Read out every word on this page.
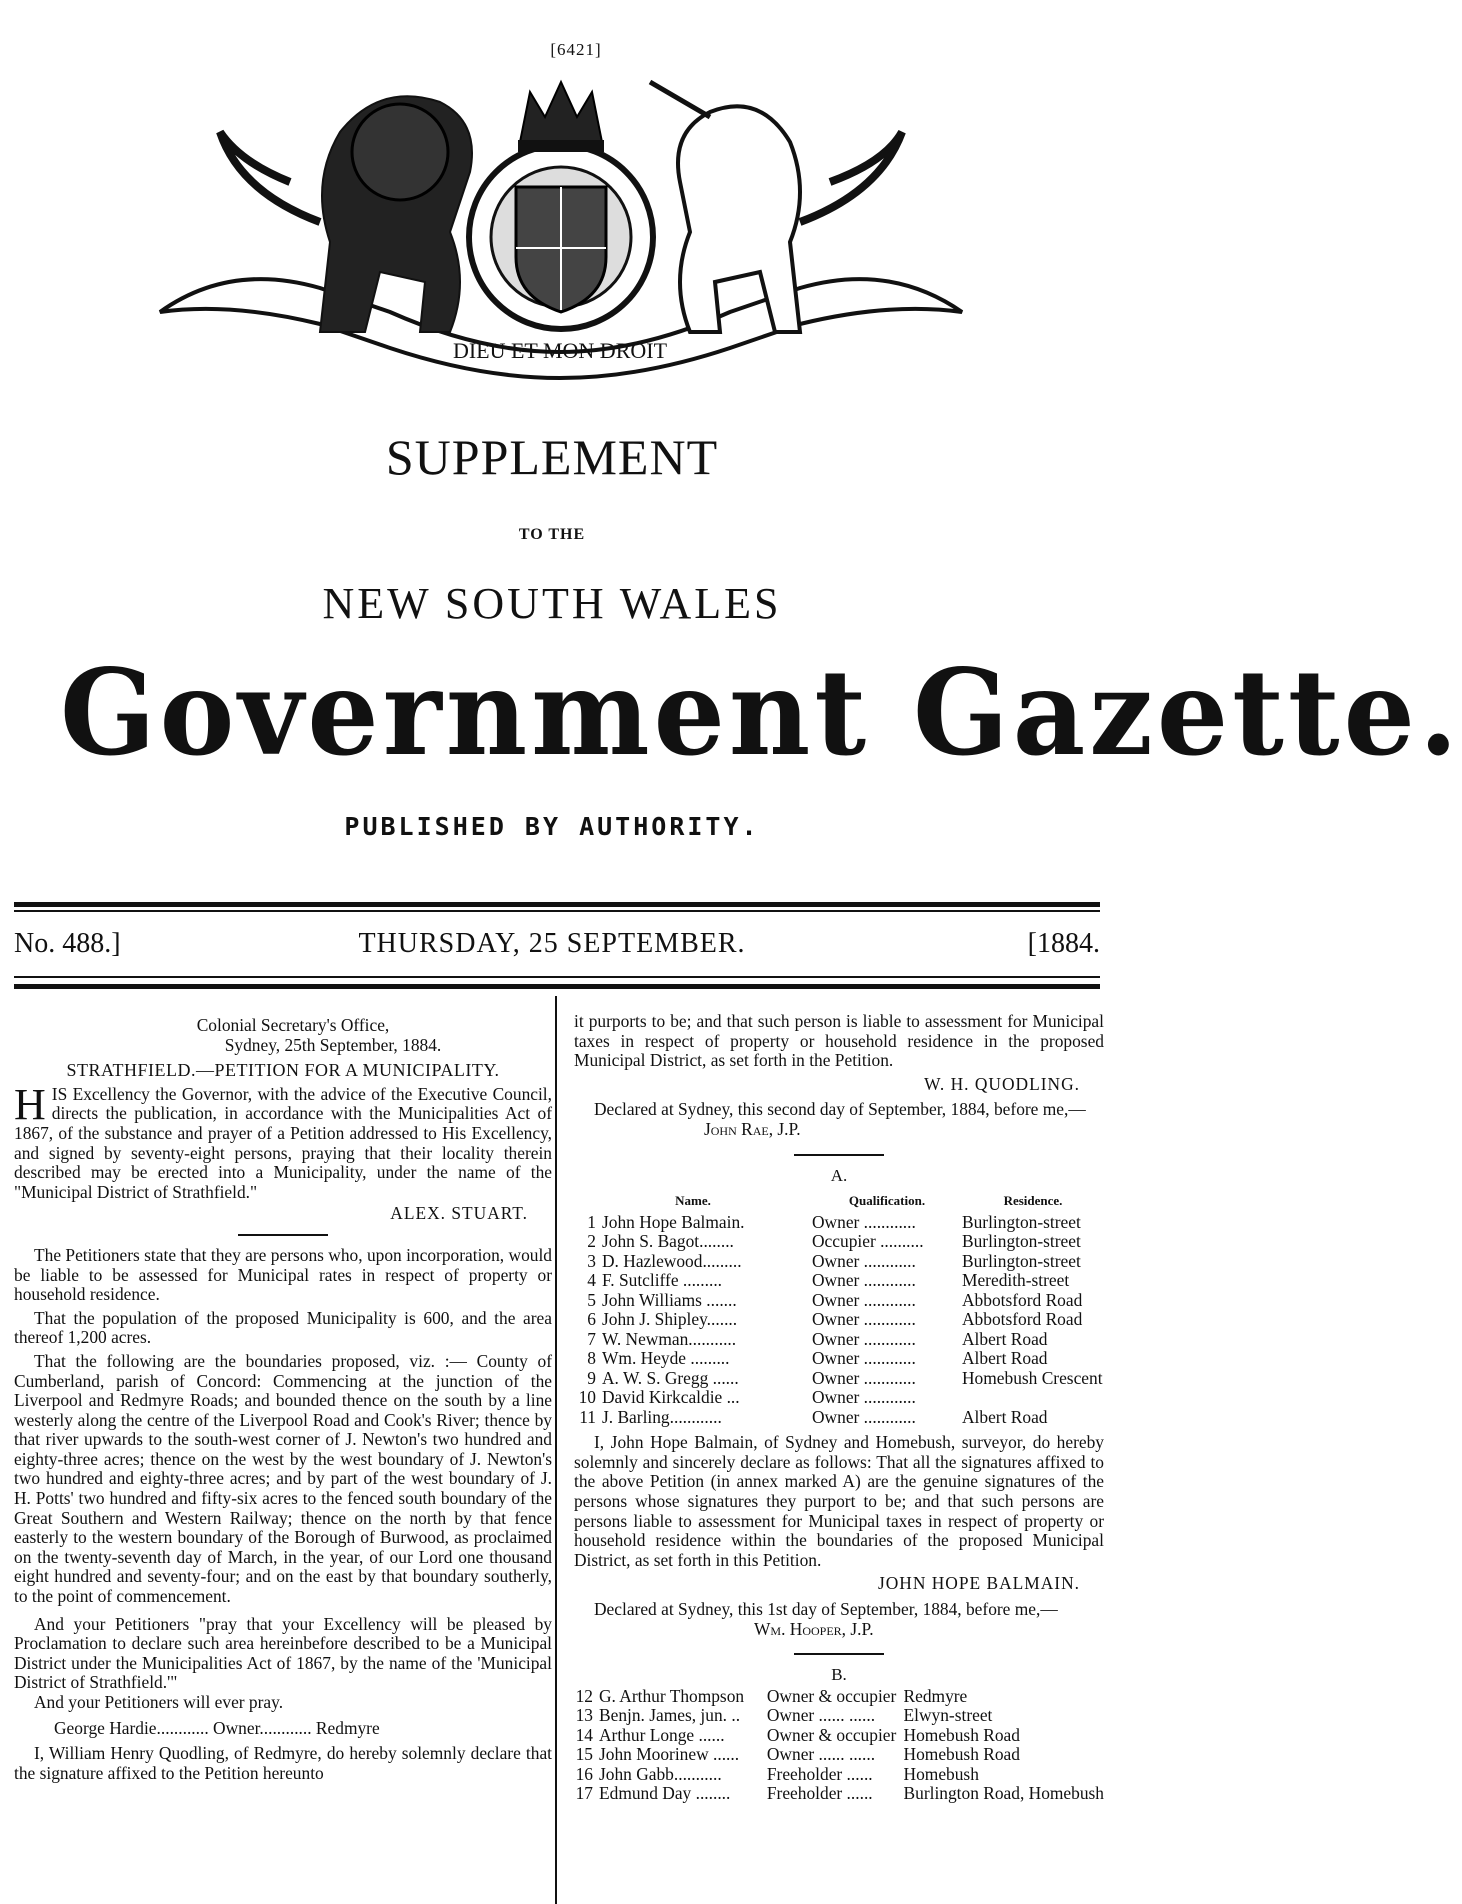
[6421]
DIEU ET MON DROIT
SUPPLEMENT
TO THE
NEW SOUTH WALES
Government Gazette.
PUBLISHED BY AUTHORITY.
No. 488.]	THURSDAY, 25 SEPTEMBER.	[1884.
Colonial Secretary's Office,
Sydney, 25th September, 1884.
STRATHFIELD.—PETITION FOR A MUNICIPALITY.

HIS Excellency the Governor, with the advice of the Executive Council, directs the publication, in accordance with the Municipalities Act of 1867, of the substance and prayer of a Petition addressed to His Excellency, and signed by seventy-eight persons, praying that their locality therein described may be erected into a Municipality, under the name of the "Municipal District of Strathfield."

ALEX. STUART.

The Petitioners state that they are persons who, upon incorporation, would be liable to be assessed for Municipal rates in respect of property or household residence.

That the population of the proposed Municipality is 600, and the area thereof 1,200 acres.

That the following are the boundaries proposed, viz. :— County of Cumberland, parish of Concord: Commencing at the junction of the Liverpool and Redmyre Roads; and bounded thence on the south by a line westerly along the centre of the Liverpool Road and Cook's River; thence by that river upwards to the south-west corner of J. Newton's two hundred and eighty-three acres; thence on the west by the west boundary of J. Newton's two hundred and eighty-three acres; and by part of the west boundary of J. H. Potts' two hundred and fifty-six acres to the fenced south boundary of the Great Southern and Western Railway; thence on the north by that fence easterly to the western boundary of the Borough of Burwood, as proclaimed on the twenty-seventh day of March, in the year, of our Lord one thousand eight hundred and seventy-four; and on the east by that boundary southerly, to the point of commencement.

And your Petitioners "pray that your Excellency will be pleased by Proclamation to declare such area hereinbefore described to be a Municipal District under the Municipalities Act of 1867, by the name of the 'Municipal District of Strathfield.'"

And your Petitioners will ever pray.

George Hardie............ Owner............ Redmyre

I, William Henry Quodling, of Redmyre, do hereby solemnly declare that the signature affixed to the Petition hereunto

it purports to be; and that such person is liable to assessment for Municipal taxes in respect of property or household residence in the proposed Municipal District, as set forth in the Petition.

W. H. QUODLING.

Declared at Sydney, this second day of September, 1884, before me,—

John Rae, J.P.
A.
Name.		Qualification.	Residence.
1	John Hope Balmain.	Owner ............	Burlington-street
2	John S. Bagot........	Occupier ..........	Burlington-street
3	D. Hazlewood.........	Owner ............	Burlington-street
4	F. Sutcliffe .........	Owner ............	Meredith-street
5	John Williams .......	Owner ............	Abbotsford Road
6	John J. Shipley.......	Owner ............	Abbotsford Road
7	W. Newman...........	Owner ............	Albert Road
8	Wm. Heyde .........	Owner ............	Albert Road
9	A. W. S. Gregg ......	Owner ............	Homebush Crescent
10	David Kirkcaldie ...	Owner ............	
11	J. Barling............	Owner ............	Albert Road

I, John Hope Balmain, of Sydney and Homebush, surveyor, do hereby solemnly and sincerely declare as follows: That all the signatures affixed to the above Petition (in annex marked A) are the genuine signatures of the persons whose signatures they purport to be; and that such persons are persons liable to assessment for Municipal taxes in respect of property or household residence within the boundaries of the proposed Municipal District, as set forth in this Petition.

JOHN HOPE BALMAIN.

Declared at Sydney, this 1st day of September, 1884, before me,—

Wm. Hooper, J.P.
B.
12	G. Arthur Thompson	Owner & occupier	Redmyre
13	Benjn. James, jun. ..	Owner ...... ......	Elwyn-street
14	Arthur Longe ......	Owner & occupier	Homebush Road
15	John Moorinew ......	Owner ...... ......	Homebush Road
16	John Gabb...........	Freeholder ......	Homebush
17	Edmund Day ........	Freeholder ......	Burlington Road, Homebush
